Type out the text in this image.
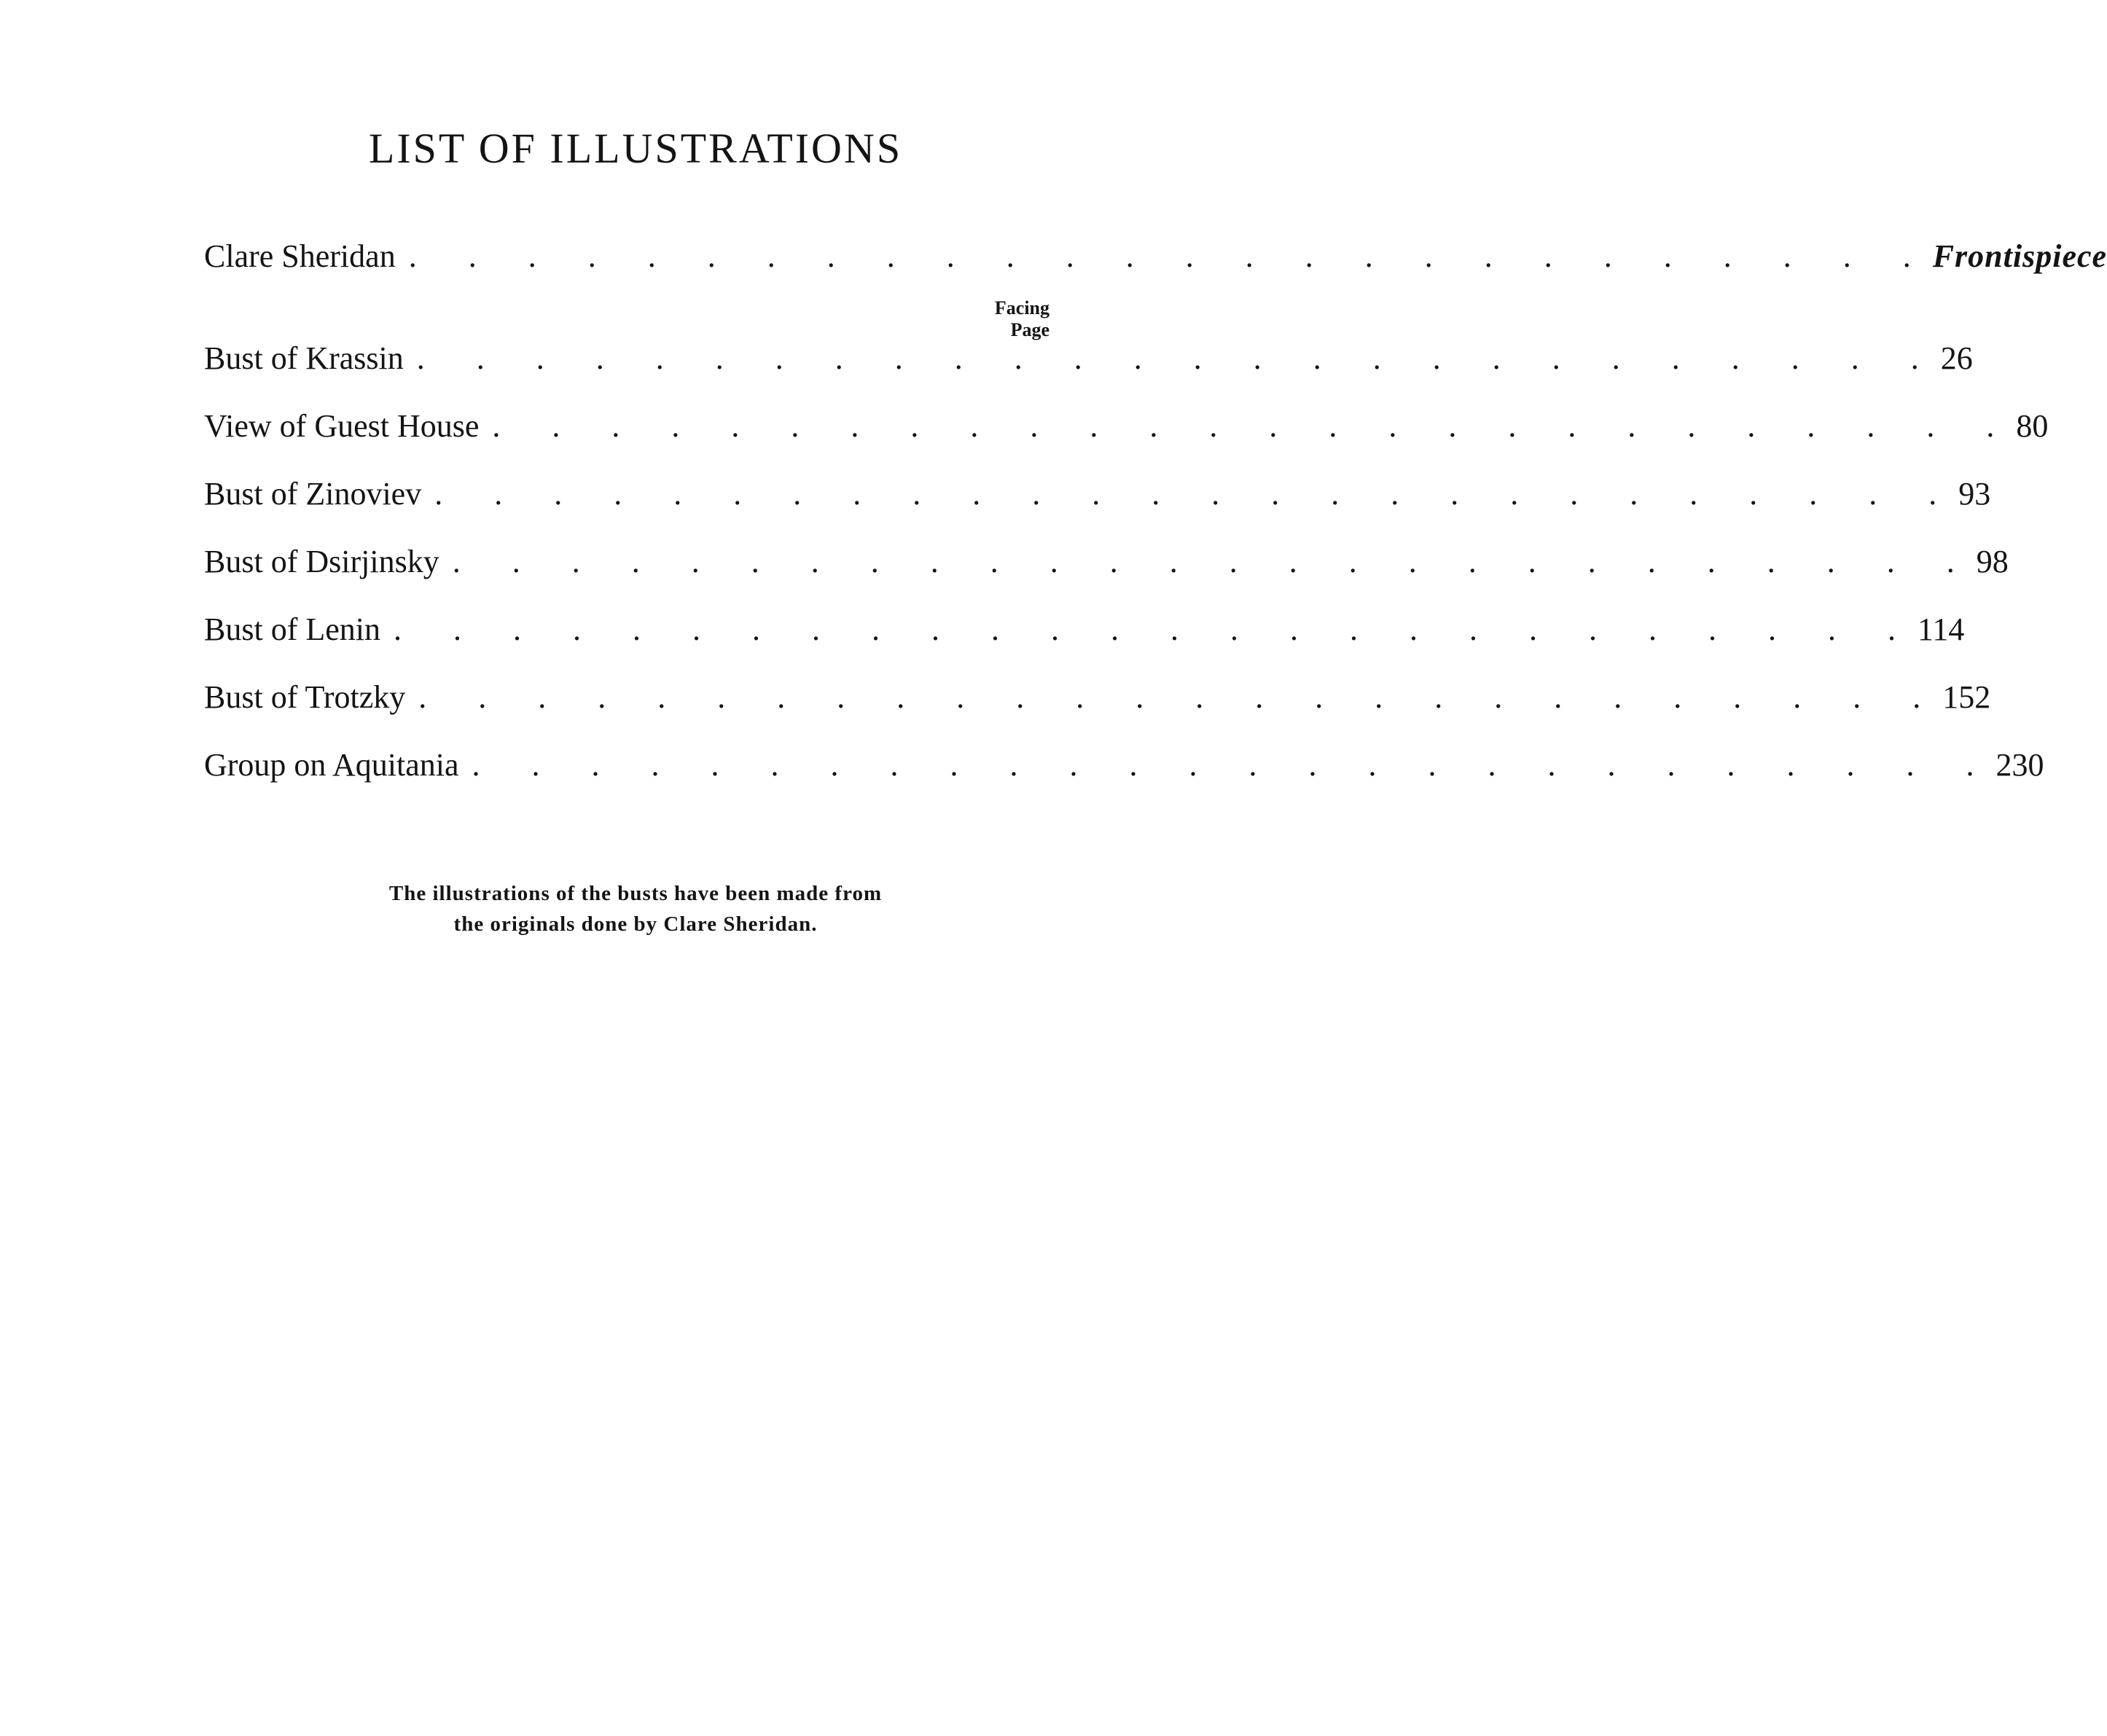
LIST OF ILLUSTRATIONS
Clare Sheridan . . . . . . . . . . . . . . . . . . . . . . . . . . Frontispiece
Facing
Page
Bust of Krassin . . . . . . . . . . . . . . . . . . . . . . . . . . 26
View of Guest House . . . . . . . . . . . . . . . . . . . . . . . . . . 80
Bust of Zinoviev . . . . . . . . . . . . . . . . . . . . . . . . . . 93
Bust of Dsirjinsky . . . . . . . . . . . . . . . . . . . . . . . . . . 98
Bust of Lenin . . . . . . . . . . . . . . . . . . . . . . . . . . 114
Bust of Trotzky . . . . . . . . . . . . . . . . . . . . . . . . . . 152
Group on Aquitania . . . . . . . . . . . . . . . . . . . . . . . . . . 230
The illustrations of the busts have been made from
the originals done by Clare Sheridan.
